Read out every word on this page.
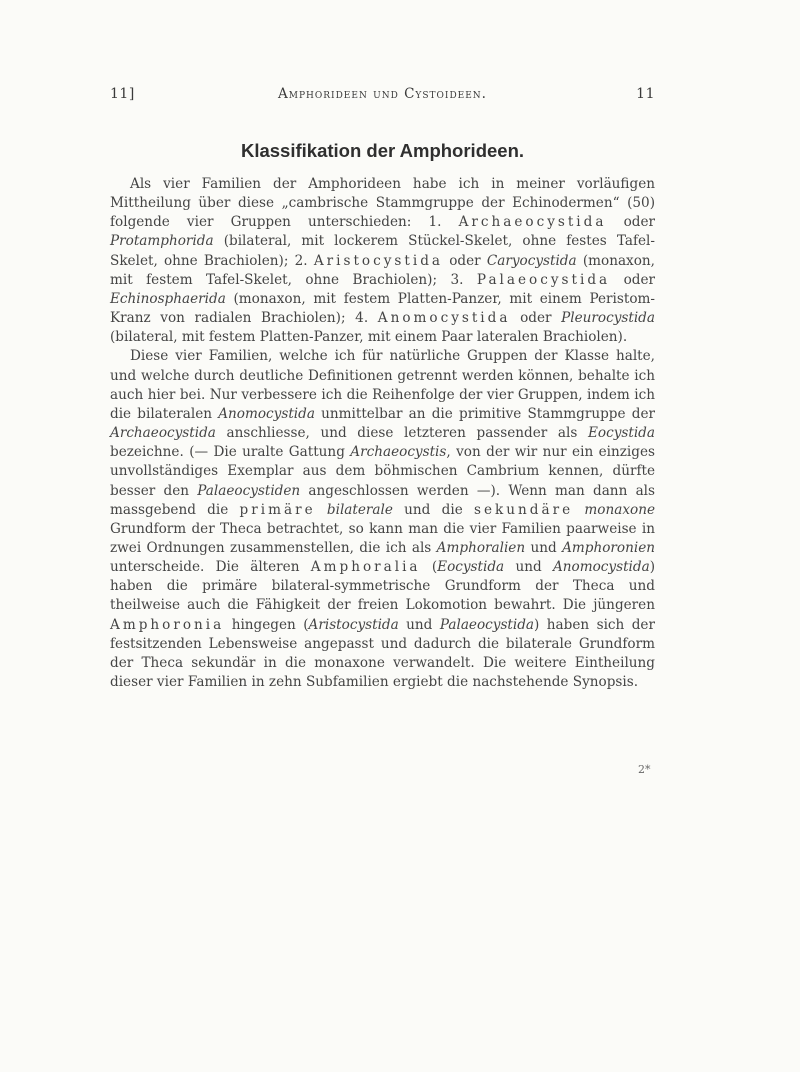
11]	Amphorideen und Cystoideen.	11
Klassifikation der Amphorideen.

Als vier Familien der Amphorideen habe ich in meiner vorläufigen Mittheilung über diese „cambrische Stammgruppe der Echinodermen“ (50) folgende vier Gruppen unterschieden: 1. Archaeocystida oder Protamphorida (bilateral, mit lockerem Stückel-Skelet, ohne festes Tafel-Skelet, ohne Brachiolen); 2. Aristocystida oder Caryocystida (monaxon, mit festem Tafel-Skelet, ohne Brachiolen); 3. Palaeocystida oder Echinosphaerida (monaxon, mit festem Platten-Panzer, mit einem Peristom-Kranz von radialen Brachiolen); 4. Anomocystida oder Pleurocystida (bilateral, mit festem Platten-Panzer, mit einem Paar lateralen Brachiolen).

Diese vier Familien, welche ich für natürliche Gruppen der Klasse halte, und welche durch deutliche Definitionen getrennt werden können, behalte ich auch hier bei. Nur verbessere ich die Reihenfolge der vier Gruppen, indem ich die bilateralen Anomocystida unmittelbar an die primitive Stammgruppe der Archaeocystida anschliesse, und diese letzteren passender als Eocystida bezeichne. (— Die uralte Gattung Archaeocystis, von der wir nur ein einziges unvollständiges Exemplar aus dem böhmischen Cambrium kennen, dürfte besser den Palaeocystiden angeschlossen werden —). Wenn man dann als massgebend die primäre bilaterale und die sekundäre monaxone Grundform der Theca betrachtet, so kann man die vier Familien paarweise in zwei Ordnungen zusammenstellen, die ich als Amphoralien und Amphoronien unterscheide. Die älteren Amphoralia (Eocystida und Anomocystida) haben die primäre bilateral-symmetrische Grundform der Theca und theilweise auch die Fähigkeit der freien Lokomotion bewahrt. Die jüngeren Amphoronia hingegen (Aristocystida und Palaeocystida) haben sich der festsitzenden Lebensweise angepasst und dadurch die bilaterale Grundform der Theca sekundär in die monaxone verwandelt. Die weitere Eintheilung dieser vier Familien in zehn Subfamilien ergiebt die nachstehende Synopsis.

2*
